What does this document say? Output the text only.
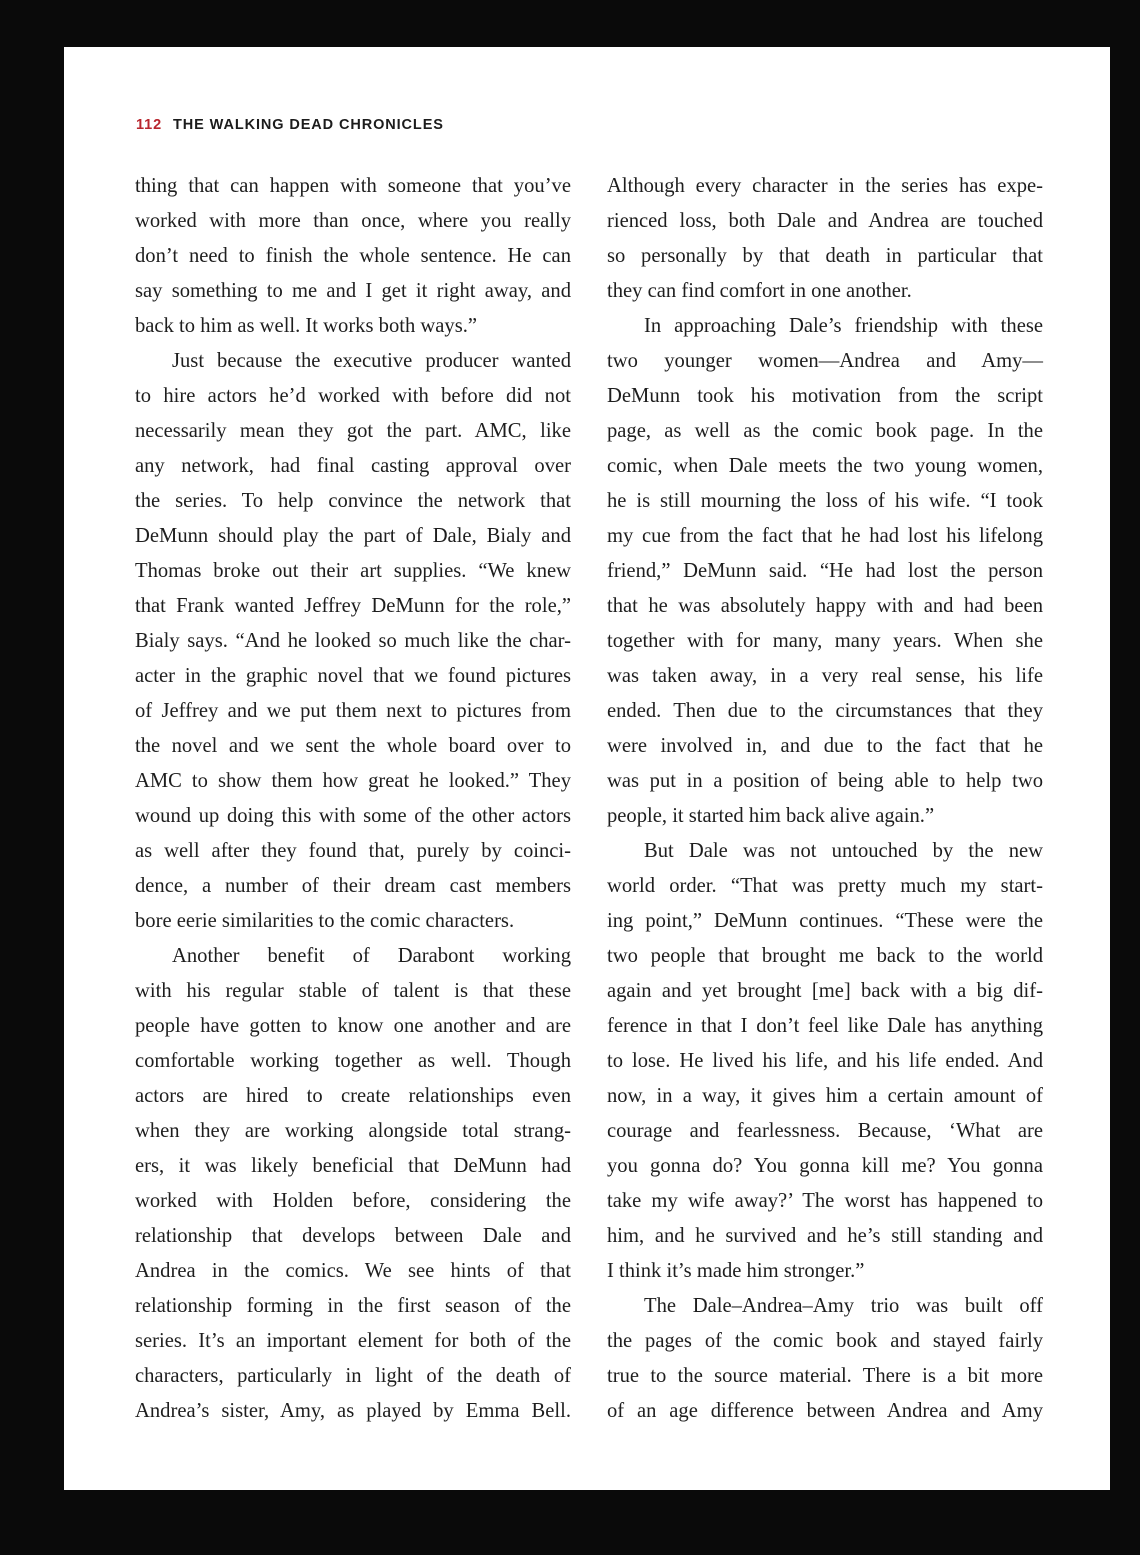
112 THE WALKING DEAD CHRONICLES
thing that can happen with someone that you’ve
worked with more than once, where you really
don’t need to finish the whole sentence. He can
say something to me and I get it right away, and
back to him as well. It works both ways.”
Just because the executive producer wanted
to hire actors he’d worked with before did not
necessarily mean they got the part. AMC, like
any network, had final casting approval over
the series. To help convince the network that
DeMunn should play the part of Dale, Bialy and
Thomas broke out their art supplies. “We knew
that Frank wanted Jeffrey DeMunn for the role,”
Bialy says. “And he looked so much like the char-
acter in the graphic novel that we found pictures
of Jeffrey and we put them next to pictures from
the novel and we sent the whole board over to
AMC to show them how great he looked.” They
wound up doing this with some of the other actors
as well after they found that, purely by coinci-
dence, a number of their dream cast members
bore eerie similarities to the comic characters.
Another benefit of Darabont working
with his regular stable of talent is that these
people have gotten to know one another and are
comfortable working together as well. Though
actors are hired to create relationships even
when they are working alongside total strang-
ers, it was likely beneficial that DeMunn had
worked with Holden before, considering the
relationship that develops between Dale and
Andrea in the comics. We see hints of that
relationship forming in the first season of the
series. It’s an important element for both of the
characters, particularly in light of the death of
Andrea’s sister, Amy, as played by Emma Bell.
Although every character in the series has expe-
rienced loss, both Dale and Andrea are touched
so personally by that death in particular that
they can find comfort in one another.
In approaching Dale’s friendship with these
two younger women—Andrea and Amy—
DeMunn took his motivation from the script
page, as well as the comic book page. In the
comic, when Dale meets the two young women,
he is still mourning the loss of his wife. “I took
my cue from the fact that he had lost his lifelong
friend,” DeMunn said. “He had lost the person
that he was absolutely happy with and had been
together with for many, many years. When she
was taken away, in a very real sense, his life
ended. Then due to the circumstances that they
were involved in, and due to the fact that he
was put in a position of being able to help two
people, it started him back alive again.”
But Dale was not untouched by the new
world order. “That was pretty much my start-
ing point,” DeMunn continues. “These were the
two people that brought me back to the world
again and yet brought [me] back with a big dif-
ference in that I don’t feel like Dale has anything
to lose. He lived his life, and his life ended. And
now, in a way, it gives him a certain amount of
courage and fearlessness. Because, ‘What are
you gonna do? You gonna kill me? You gonna
take my wife away?’ The worst has happened to
him, and he survived and he’s still standing and
I think it’s made him stronger.”
The Dale–Andrea–Amy trio was built off
the pages of the comic book and stayed fairly
true to the source material. There is a bit more
of an age difference between Andrea and Amy
